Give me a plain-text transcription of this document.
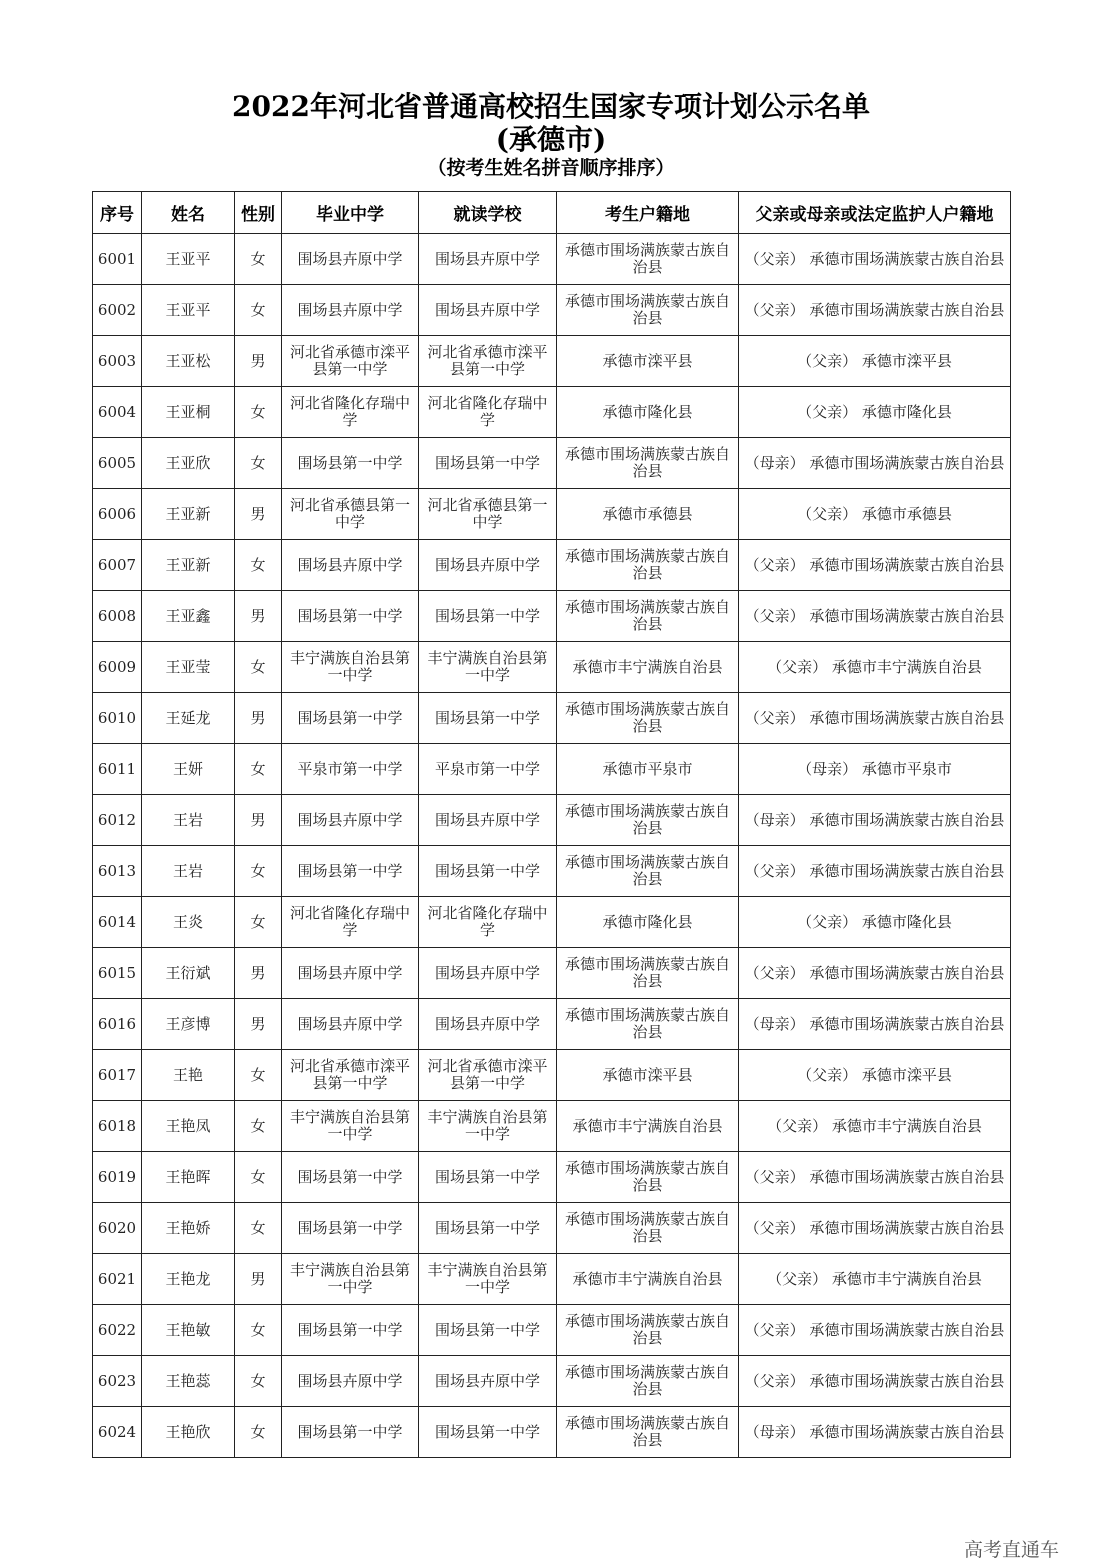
2022年河北省普通高校招生国家专项计划公示名单
(承德市)
（按考生姓名拼音顺序排序）
序号	姓名	性别	毕业中学	就读学校	考生户籍地	父亲或母亲或法定监护人户籍地
6001	王亚平	女	围场县卉原中学	围场县卉原中学	承德市围场满族蒙古族自治县	（父亲） 承德市围场满族蒙古族自治县
6002	王亚平	女	围场县卉原中学	围场县卉原中学	承德市围场满族蒙古族自治县	（父亲） 承德市围场满族蒙古族自治县
6003	王亚松	男	河北省承德市滦平县第一中学	河北省承德市滦平县第一中学	承德市滦平县	（父亲） 承德市滦平县
6004	王亚桐	女	河北省隆化存瑞中学	河北省隆化存瑞中学	承德市隆化县	（父亲） 承德市隆化县
6005	王亚欣	女	围场县第一中学	围场县第一中学	承德市围场满族蒙古族自治县	（母亲） 承德市围场满族蒙古族自治县
6006	王亚新	男	河北省承德县第一中学	河北省承德县第一中学	承德市承德县	（父亲） 承德市承德县
6007	王亚新	女	围场县卉原中学	围场县卉原中学	承德市围场满族蒙古族自治县	（父亲） 承德市围场满族蒙古族自治县
6008	王亚鑫	男	围场县第一中学	围场县第一中学	承德市围场满族蒙古族自治县	（父亲） 承德市围场满族蒙古族自治县
6009	王亚莹	女	丰宁满族自治县第一中学	丰宁满族自治县第一中学	承德市丰宁满族自治县	（父亲） 承德市丰宁满族自治县
6010	王延龙	男	围场县第一中学	围场县第一中学	承德市围场满族蒙古族自治县	（父亲） 承德市围场满族蒙古族自治县
6011	王妍	女	平泉市第一中学	平泉市第一中学	承德市平泉市	（母亲） 承德市平泉市
6012	王岩	男	围场县卉原中学	围场县卉原中学	承德市围场满族蒙古族自治县	（母亲） 承德市围场满族蒙古族自治县
6013	王岩	女	围场县第一中学	围场县第一中学	承德市围场满族蒙古族自治县	（父亲） 承德市围场满族蒙古族自治县
6014	王炎	女	河北省隆化存瑞中学	河北省隆化存瑞中学	承德市隆化县	（父亲） 承德市隆化县
6015	王衍斌	男	围场县卉原中学	围场县卉原中学	承德市围场满族蒙古族自治县	（父亲） 承德市围场满族蒙古族自治县
6016	王彦博	男	围场县卉原中学	围场县卉原中学	承德市围场满族蒙古族自治县	（母亲） 承德市围场满族蒙古族自治县
6017	王艳	女	河北省承德市滦平县第一中学	河北省承德市滦平县第一中学	承德市滦平县	（父亲） 承德市滦平县
6018	王艳凤	女	丰宁满族自治县第一中学	丰宁满族自治县第一中学	承德市丰宁满族自治县	（父亲） 承德市丰宁满族自治县
6019	王艳晖	女	围场县第一中学	围场县第一中学	承德市围场满族蒙古族自治县	（父亲） 承德市围场满族蒙古族自治县
6020	王艳娇	女	围场县第一中学	围场县第一中学	承德市围场满族蒙古族自治县	（父亲） 承德市围场满族蒙古族自治县
6021	王艳龙	男	丰宁满族自治县第一中学	丰宁满族自治县第一中学	承德市丰宁满族自治县	（父亲） 承德市丰宁满族自治县
6022	王艳敏	女	围场县第一中学	围场县第一中学	承德市围场满族蒙古族自治县	（父亲） 承德市围场满族蒙古族自治县
6023	王艳蕊	女	围场县卉原中学	围场县卉原中学	承德市围场满族蒙古族自治县	（父亲） 承德市围场满族蒙古族自治县
6024	王艳欣	女	围场县第一中学	围场县第一中学	承德市围场满族蒙古族自治县	（母亲） 承德市围场满族蒙古族自治县
高考直通车
